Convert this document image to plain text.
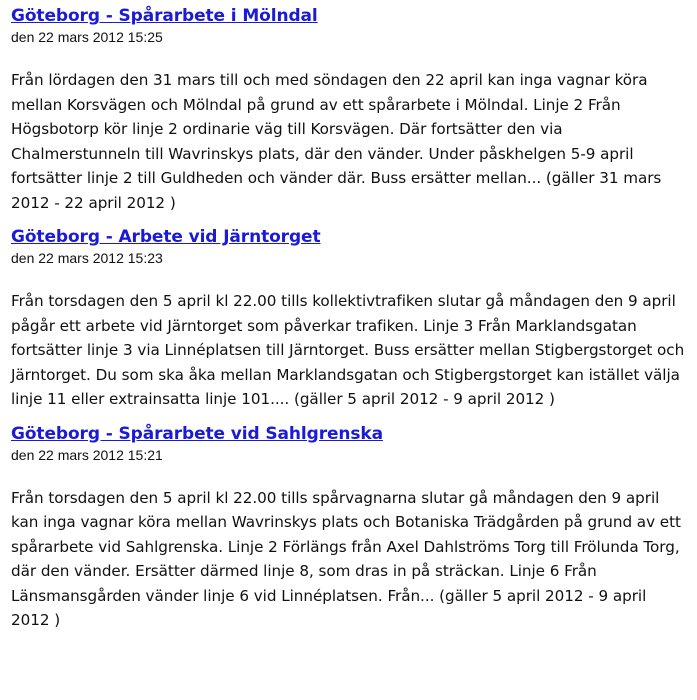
Göteborg - Spårarbete i Mölndal
den 22 mars 2012 15:25

Från lördagen den 31 mars till och med söndagen den 22 april kan inga vagnar köra mellan Korsvägen och Mölndal på grund av ett spårarbete i Mölndal. Linje 2 Från Högsbotorp kör linje 2 ordinarie väg till Korsvägen. Där fortsätter den via Chalmerstunneln till Wavrinskys plats, där den vänder. Under påskhelgen 5-9 april fortsätter linje 2 till Guldheden och vänder där. Buss ersätter mellan... (gäller 31 mars 2012 - 22 april 2012 )

Göteborg - Arbete vid Järntorget
den 22 mars 2012 15:23

Från torsdagen den 5 april kl 22.00 tills kollektivtrafiken slutar gå måndagen den 9 april pågår ett arbete vid Järntorget som påverkar trafiken. Linje 3 Från Marklandsgatan fortsätter linje 3 via Linnéplatsen till Järntorget. Buss ersätter mellan Stigbergstorget och Järntorget. Du som ska åka mellan Marklandsgatan och Stigbergstorget kan istället välja linje 11 eller extrainsatta linje 101.... (gäller 5 april 2012 - 9 april 2012 )

Göteborg - Spårarbete vid Sahlgrenska
den 22 mars 2012 15:21

Från torsdagen den 5 april kl 22.00 tills spårvagnarna slutar gå måndagen den 9 april kan inga vagnar köra mellan Wavrinskys plats och Botaniska Trädgården på grund av ett spårarbete vid Sahlgrenska. Linje 2 Förlängs från Axel Dahlströms Torg till Frölunda Torg, där den vänder. Ersätter därmed linje 8, som dras in på sträckan. Linje 6 Från Länsmansgården vänder linje 6 vid Linnéplatsen. Från... (gäller 5 april 2012 - 9 april 2012 )
